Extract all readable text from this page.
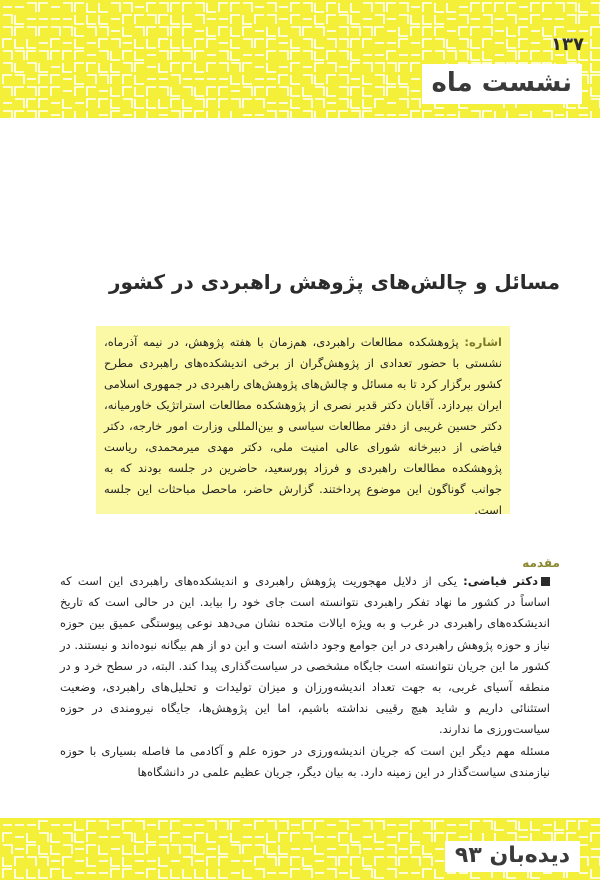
۱۳۷
نشست ماه
مسائل و چالش‌های پژوهش راهبردی در کشور
اشاره: پژوهشکده مطالعات راهبردی، هم‌زمان با هفته پژوهش، در نیمه آذرماه، نشستی با حضور تعدادی از پژوهش‌گران از برخی اندیشکده‌های راهبردی مطرح کشور برگزار کرد تا به مسائل و چالش‌های پژوهش‌های راهبردی در جمهوری اسلامی ایران بپردازد. آقایان دکتر قدیر نصری از پژوهشکده مطالعات استراتژیک خاورمیانه، دکتر حسین غریبی از دفتر مطالعات سیاسی و بین‌المللی وزارت امور خارجه، دکتر فیاضی از دبیرخانه شورای عالی امنیت ملی، دکتر مهدی میرمحمدی، ریاست پژوهشکده مطالعات راهبردی و فرزاد پورسعید، حاضرین در جلسه بودند که به جوانب گوناگون این موضوع پرداختند. گزارش حاضر، ماحصل مباحثات این جلسه است.
مقدمه

دکتر فیاضی: یکی از دلایل مهجوریت پژوهش راهبردی و اندیشکده‌های راهبردی این است که اساساً در کشور ما نهاد تفکر راهبردی نتوانسته است جای خود را بیابد. این در حالی است که تاریخ اندیشکده‌های راهبردی در غرب و به ویژه ایالات متحده نشان می‌دهد نوعی پیوستگی عمیق بین حوزه نیاز و حوزه پژوهش راهبردی در این جوامع وجود داشته است و این دو از هم بیگانه نبوده‌اند و نیستند. در کشور ما این جریان نتوانسته است جایگاه مشخصی در سیاست‌گذاری پیدا کند. البته، در سطح خرد و در منطقه آسیای غربی، به جهت تعداد اندیشه‌ورزان و میزان تولیدات و تحلیل‌های راهبردی، وضعیت استثنائی داریم و شاید هیچ رقیبی نداشته باشیم، اما این پژوهش‌ها، جایگاه نیرومندی در حوزه سیاست‌ورزی ما ندارند.

مسئله مهم دیگر این است که جریان اندیشه‌ورزی در حوزه علم و آکادمی ما فاصله بسیاری با حوزه نیازمندی سیاست‌گذار در این زمینه دارد. به بیان دیگر، جریان عظیم علمی در دانشگاه‌ها

دیده‌بان ۹۳
